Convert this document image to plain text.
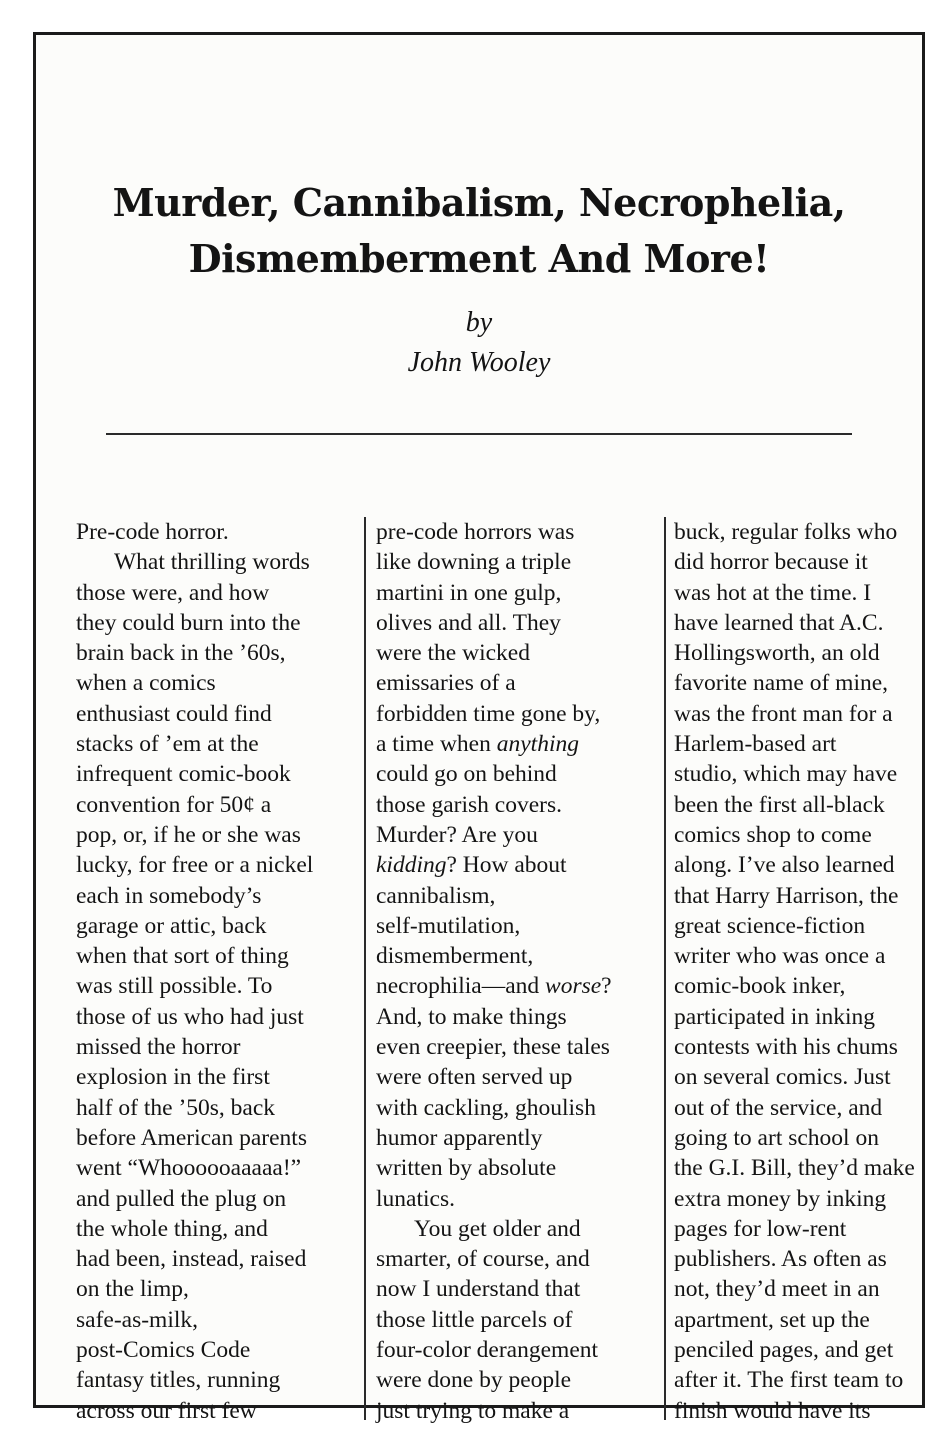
Murder, Cannibalism, Necrophelia,
Dismemberment And More!
by
John Wooley
Pre-code horror.
What thrilling words
those were, and how
they could burn into the
brain back in the ’60s,
when a comics
enthusiast could find
stacks of ’em at the
infrequent comic-book
convention for 50¢ a
pop, or, if he or she was
lucky, for free or a nickel
each in somebody’s
garage or attic, back
when that sort of thing
was still possible. To
those of us who had just
missed the horror
explosion in the first
half of the ’50s, back
before American parents
went “Whoooooaaaaa!”
and pulled the plug on
the whole thing, and
had been, instead, raised
on the limp,
safe-as-milk,
post-Comics Code
fantasy titles, running
across our first few
pre-code horrors was
like downing a triple
martini in one gulp,
olives and all. They
were the wicked
emissaries of a
forbidden time gone by,
a time when anything
could go on behind
those garish covers.
Murder? Are you
kidding? How about
cannibalism,
self-mutilation,
dismemberment,
necrophilia—and worse?
And, to make things
even creepier, these tales
were often served up
with cackling, ghoulish
humor apparently
written by absolute
lunatics.
You get older and
smarter, of course, and
now I understand that
those little parcels of
four-color derangement
were done by people
just trying to make a
buck, regular folks who
did horror because it
was hot at the time. I
have learned that A.C.
Hollingsworth, an old
favorite name of mine,
was the front man for a
Harlem-based art
studio, which may have
been the first all-black
comics shop to come
along. I’ve also learned
that Harry Harrison, the
great science-fiction
writer who was once a
comic-book inker,
participated in inking
contests with his chums
on several comics. Just
out of the service, and
going to art school on
the G.I. Bill, they’d make
extra money by inking
pages for low-rent
publishers. As often as
not, they’d meet in an
apartment, set up the
penciled pages, and get
after it. The first team to
finish would have its
